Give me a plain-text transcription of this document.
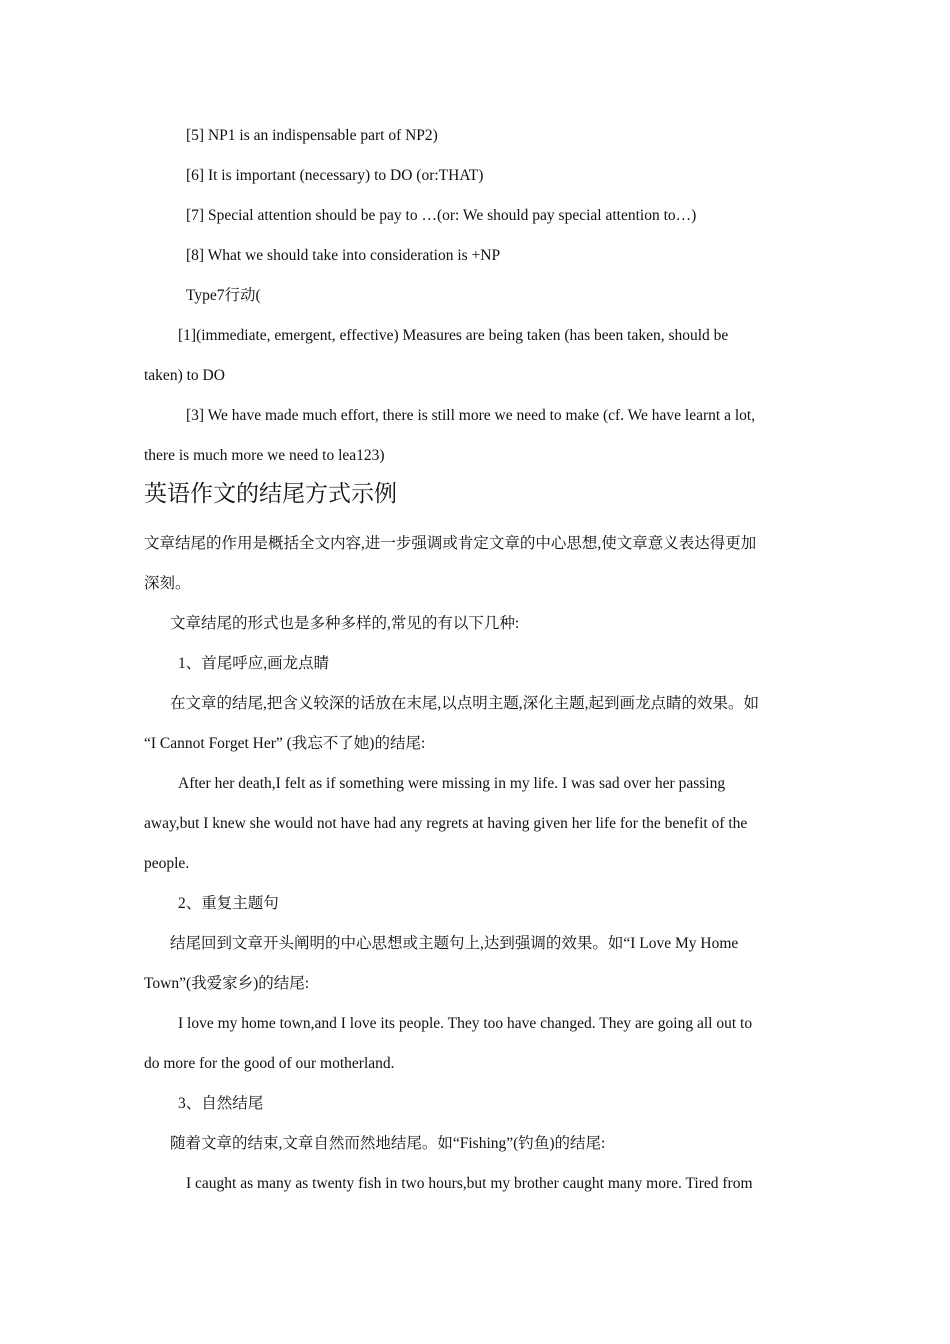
[5] NP1 is an indispensable part of NP2)
[6] It is important (necessary) to DO (or:THAT)
[7] Special attention should be pay to …(or: We should pay special attention to…)
[8] What we should take into consideration is +NP
Type7行动(
[1](immediate, emergent, effective) Measures are being taken (has been taken, should be
taken) to DO
[3] We have made much effort, there is still more we need to make (cf. We have learnt a lot,
there is much more we need to lea123)
英语作文的结尾方式示例
文章结尾的作用是概括全文内容,进一步强调或肯定文章的中心思想,使文章意义表达得更加
深刻。
文章结尾的形式也是多种多样的,常见的有以下几种:
1、首尾呼应,画龙点睛
在文章的结尾,把含义较深的话放在末尾,以点明主题,深化主题,起到画龙点睛的效果。如
“I Cannot Forget Her” (我忘不了她)的结尾:
After her death,I felt as if something were missing in my life. I was sad over her passing
away,but I knew she would not have had any regrets at having given her life for the benefit of the
people.
2、重复主题句
结尾回到文章开头阐明的中心思想或主题句上,达到强调的效果。如“I Love My Home
Town”(我爱家乡)的结尾:
I love my home town,and I love its people. They too have changed. They are going all out to
do more for the good of our motherland.
3、自然结尾
随着文章的结束,文章自然而然地结尾。如“Fishing”(钓鱼)的结尾:
I caught as many as twenty fish in two hours,but my brother caught many more. Tired from
